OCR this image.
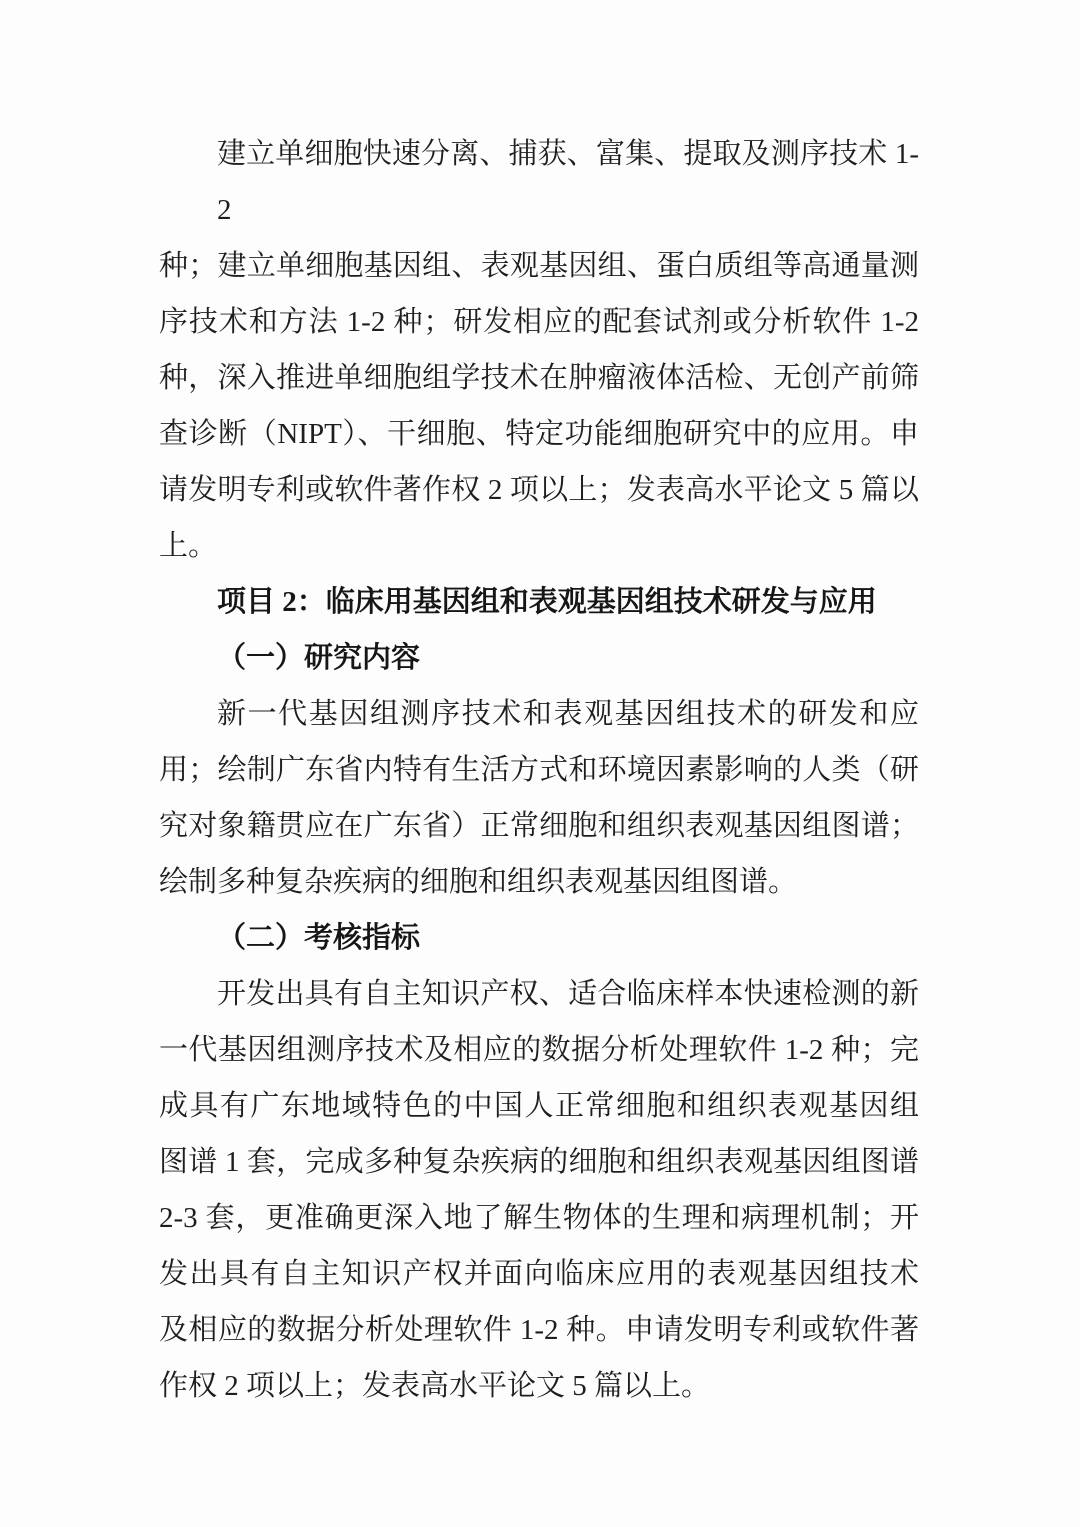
建立单细胞快速分离、捕获、富集、提取及测序技术 1-2
种；建立单细胞基因组、表观基因组、蛋白质组等高通量测
序技术和方法 1-2 种；研发相应的配套试剂或分析软件 1-2
种，深入推进单细胞组学技术在肿瘤液体活检、无创产前筛
查诊断（NIPT）、干细胞、特定功能细胞研究中的应用。申
请发明专利或软件著作权 2 项以上；发表高水平论文 5 篇以
上。
项目 2：临床用基因组和表观基因组技术研发与应用
（一）研究内容
新一代基因组测序技术和表观基因组技术的研发和应
用；绘制广东省内特有生活方式和环境因素影响的人类（研
究对象籍贯应在广东省）正常细胞和组织表观基因组图谱；
绘制多种复杂疾病的细胞和组织表观基因组图谱。
（二）考核指标
开发出具有自主知识产权、适合临床样本快速检测的新
一代基因组测序技术及相应的数据分析处理软件 1-2 种；完
成具有广东地域特色的中国人正常细胞和组织表观基因组
图谱 1 套，完成多种复杂疾病的细胞和组织表观基因组图谱
2-3 套，更准确更深入地了解生物体的生理和病理机制；开
发出具有自主知识产权并面向临床应用的表观基因组技术
及相应的数据分析处理软件 1-2 种。申请发明专利或软件著
作权 2 项以上；发表高水平论文 5 篇以上。
